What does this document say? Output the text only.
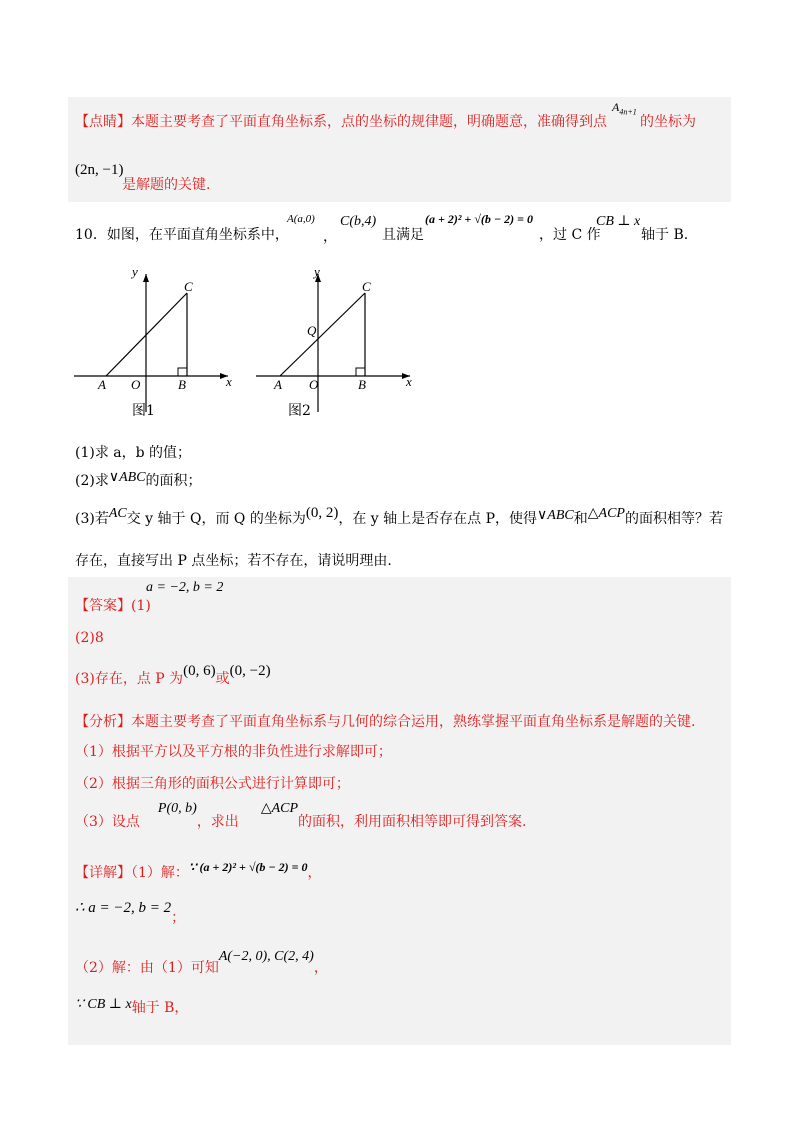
【点睛】本题主要考查了平面直角坐标系，点的坐标的规律题，明确题意，准确得到点
$A_{4n+1}$
的坐标为
(2n, −1)
是解题的关键.
10．如图，在平面直角坐标系中，
A(a,0)
，
C(b,4)
且满足
(a + 2)² + √(b − 2) = 0
，过 C 作
CB ⊥ x
轴于 B.
y
x
A O	B
C
图1
y
x
A O	B
C
Q
图2
(1)求 a，b 的值；
(2)求∨ABC的面积；
(3)若AC交 y 轴于 Q，而 Q 的坐标为(0, 2)，在 y 轴上是否存在点 P，使得∨ABC和△ACP的面积相等？若
存在，直接写出 P 点坐标；若不存在，请说明理由.
【答案】(1)
a = −2, b = 2
(2)8
(3)存在，点 P 为(0, 6)或(0, −2)
【分析】本题主要考查了平面直角坐标系与几何的综合运用，熟练掌握平面直角坐标系是解题的关键.
（1）根据平方以及平方根的非负性进行求解即可；
（2）根据三角形的面积公式进行计算即可；
（3）设点P(0, b)，求出△ACP的面积，利用面积相等即可得到答案.
【详解】（1）解：∵ (a + 2)² + √(b − 2) = 0，
∴ a = −2, b = 2；
（2）解：由（1）可知A(−2, 0), C(2, 4)，
∵ CB ⊥ x轴于 B，
